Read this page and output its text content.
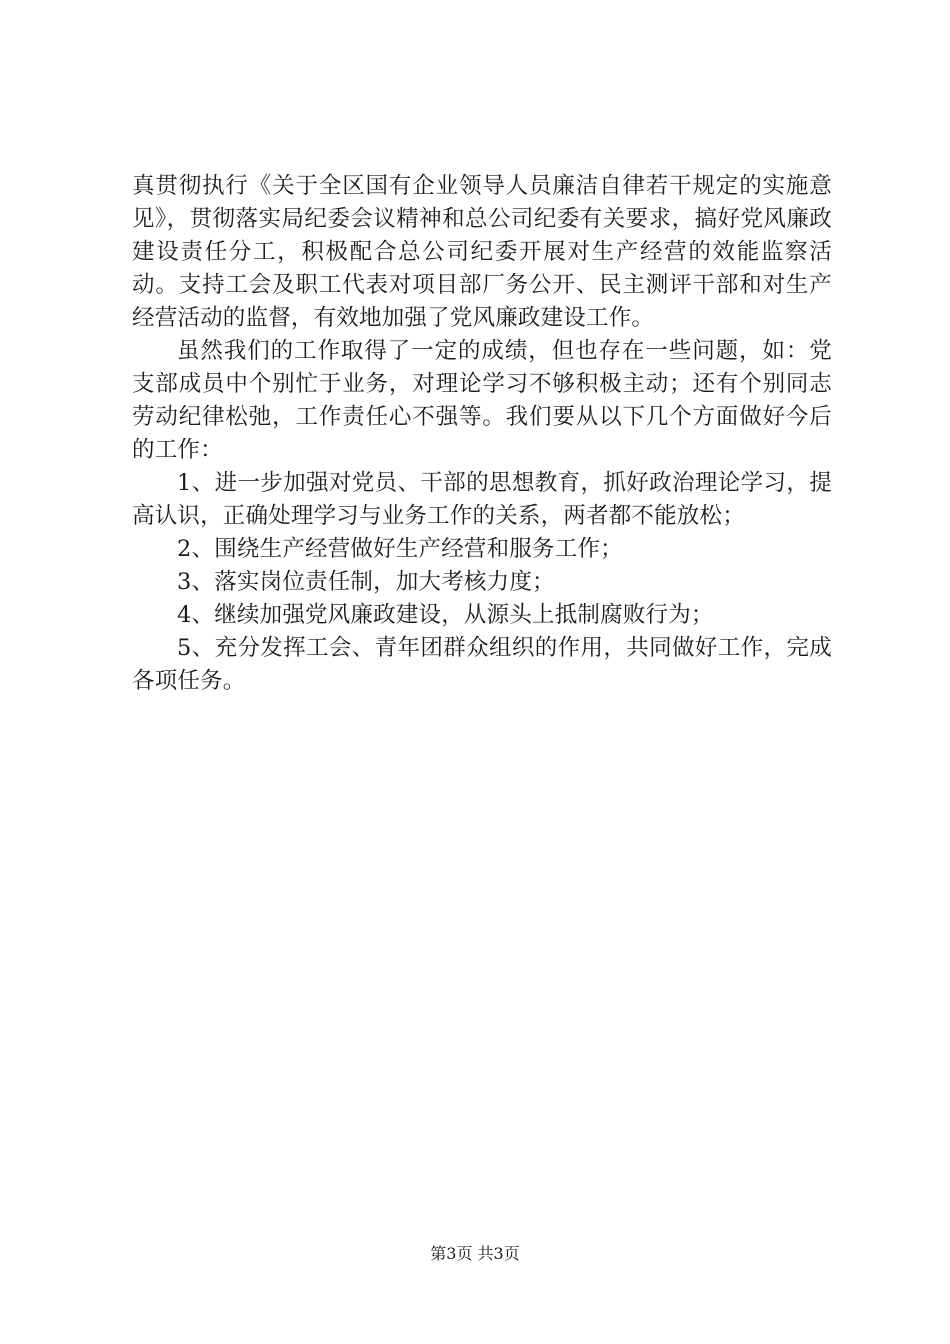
真贯彻执行《关于全区国有企业领导人员廉洁自律若干规定的实施意见》，贯彻落实局纪委会议精神和总公司纪委有关要求，搞好党风廉政建设责任分工，积极配合总公司纪委开展对生产经营的效能监察活动。支持工会及职工代表对项目部厂务公开、民主测评干部和对生产经营活动的监督，有效地加强了党风廉政建设工作。

虽然我们的工作取得了一定的成绩，但也存在一些问题，如：党支部成员中个别忙于业务，对理论学习不够积极主动；还有个别同志劳动纪律松弛，工作责任心不强等。我们要从以下几个方面做好今后的工作：

1、进一步加强对党员、干部的思想教育，抓好政治理论学习，提高认识，正确处理学习与业务工作的关系，两者都不能放松；

2、围绕生产经营做好生产经营和服务工作；

3、落实岗位责任制，加大考核力度；

4、继续加强党风廉政建设，从源头上抵制腐败行为；

5、充分发挥工会、青年团群众组织的作用，共同做好工作，完成各项任务。

第3页 共3页
